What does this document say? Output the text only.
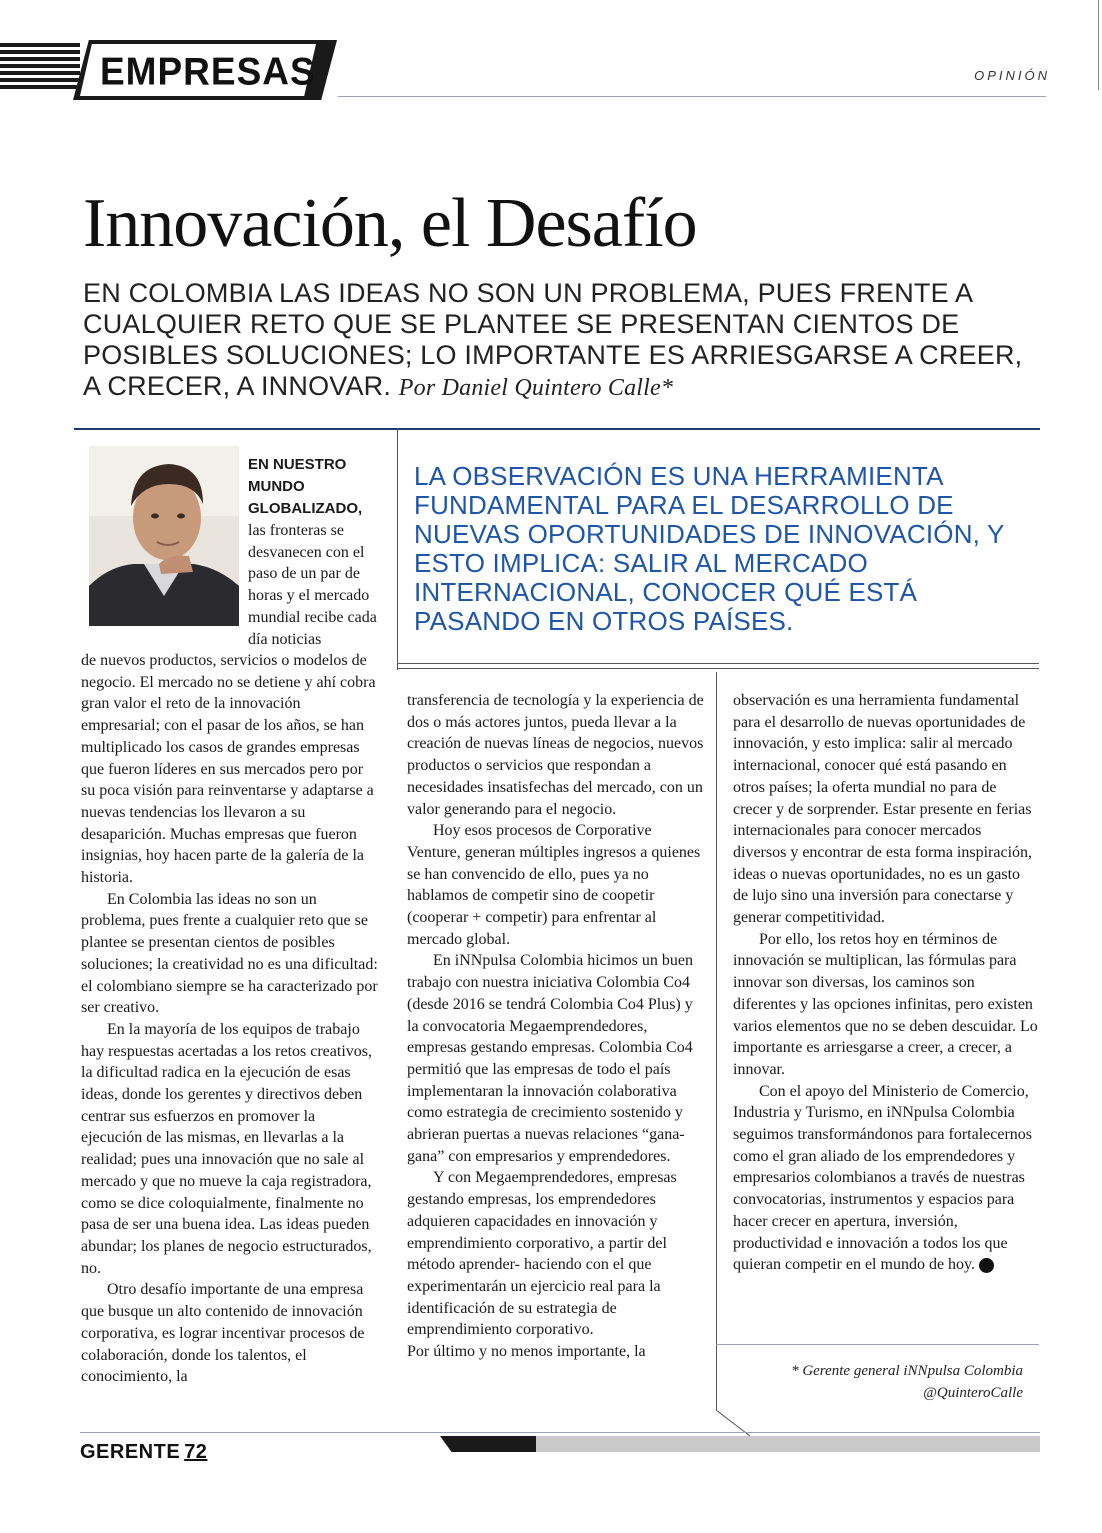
EMPRESAS	OPINIÓN
Innovación, el Desafío
EN COLOMBIA LAS IDEAS NO SON UN PROBLEMA, PUES FRENTE A CUALQUIER RETO QUE SE PLANTEE SE PRESENTAN CIENTOS DE POSIBLES SOLUCIONES; LO IMPORTANTE ES ARRIESGARSE A CREER, A CRECER, A INNOVAR. Por Daniel Quintero Calle*
EN NUESTRO MUNDO GLOBALIZADO, las fronteras se desvanecen con el paso de un par de horas y el mercado mundial recibe cada día noticias

de nuevos productos, servicios o modelos de negocio. El mercado no se detiene y ahí cobra gran valor el reto de la innovación empresarial; con el pasar de los años, se han multiplicado los casos de grandes empresas que fueron líderes en sus mercados pero por su poca visión para reinventarse y adaptarse a nuevas tendencias los llevaron a su desaparición. Muchas empresas que fueron insignias, hoy hacen parte de la galería de la historia.

En Colombia las ideas no son un problema, pues frente a cualquier reto que se plantee se presentan cientos de posibles soluciones; la creatividad no es una dificultad: el colombiano siempre se ha caracterizado por ser creativo.

En la mayoría de los equipos de trabajo hay respuestas acertadas a los retos creativos, la dificultad radica en la ejecución de esas ideas, donde los gerentes y directivos deben centrar sus esfuerzos en promover la ejecución de las mismas, en llevarlas a la realidad; pues una innovación que no sale al mercado y que no mueve la caja registradora, como se dice coloquialmente, finalmente no pasa de ser una buena idea. Las ideas pueden abundar; los planes de negocio estructurados, no.

Otro desafío importante de una empresa que busque un alto contenido de innovación corporativa, es lograr incentivar procesos de colaboración, donde los talentos, el conocimiento, la

LA OBSERVACIÓN ES UNA HERRAMIENTA FUNDAMENTAL PARA EL DESARROLLO DE NUEVAS OPORTUNIDADES DE INNOVACIÓN, Y ESTO IMPLICA: SALIR AL MERCADO INTERNACIONAL, CONOCER QUÉ ESTÁ PASANDO EN OTROS PAÍSES.

transferencia de tecnología y la experiencia de dos o más actores juntos, pueda llevar a la creación de nuevas líneas de negocios, nuevos productos o servicios que respondan a necesidades insatisfechas del mercado, con un valor generando para el negocio.

Hoy esos procesos de Corporative Venture, generan múltiples ingresos a quienes se han convencido de ello, pues ya no hablamos de competir sino de coopetir (cooperar + competir) para enfrentar al mercado global.

En iNNpulsa Colombia hicimos un buen trabajo con nuestra iniciativa Colombia Co4 (desde 2016 se tendrá Colombia Co4 Plus) y la convocatoria Megaemprendedores, empresas gestando empresas. Colombia Co4 permitió que las empresas de todo el país implementaran la innovación colaborativa como estrategia de crecimiento sostenido y abrieran puertas a nuevas relaciones “gana-gana” con empresarios y emprendedores.

Y con Megaemprendedores, empresas gestando empresas, los emprendedores adquieren capacidades en innovación y emprendimiento corporativo, a partir del método aprender- haciendo con el que experimentarán un ejercicio real para la identificación de su estrategia de emprendimiento corporativo.

Por último y no menos importante, la

observación es una herramienta fundamental para el desarrollo de nuevas oportunidades de innovación, y esto implica: salir al mercado internacional, conocer qué está pasando en otros países; la oferta mundial no para de crecer y de sorprender. Estar presente en ferias internacionales para conocer mercados diversos y encontrar de esta forma inspiración, ideas o nuevas oportunidades, no es un gasto de lujo sino una inversión para conectarse y generar competitividad.

Por ello, los retos hoy en términos de innovación se multiplican, las fórmulas para innovar son diversas, los caminos son diferentes y las opciones infinitas, pero existen varios elementos que no se deben descuidar. Lo importante es arriesgarse a creer, a crecer, a innovar.

Con el apoyo del Ministerio de Comercio, Industria y Turismo, en iNNpulsa Colombia seguimos transformándonos para fortalecernos como el gran aliado de los emprendedores y empresarios colombianos a través de nuestras convocatorias, instrumentos y espacios para hacer crecer en apertura, inversión, productividad e innovación a todos los que quieran competir en el mundo de hoy.	G

* Gerente general iNNpulsa Colombia
@QuinteroCalle
GERENTE 72
